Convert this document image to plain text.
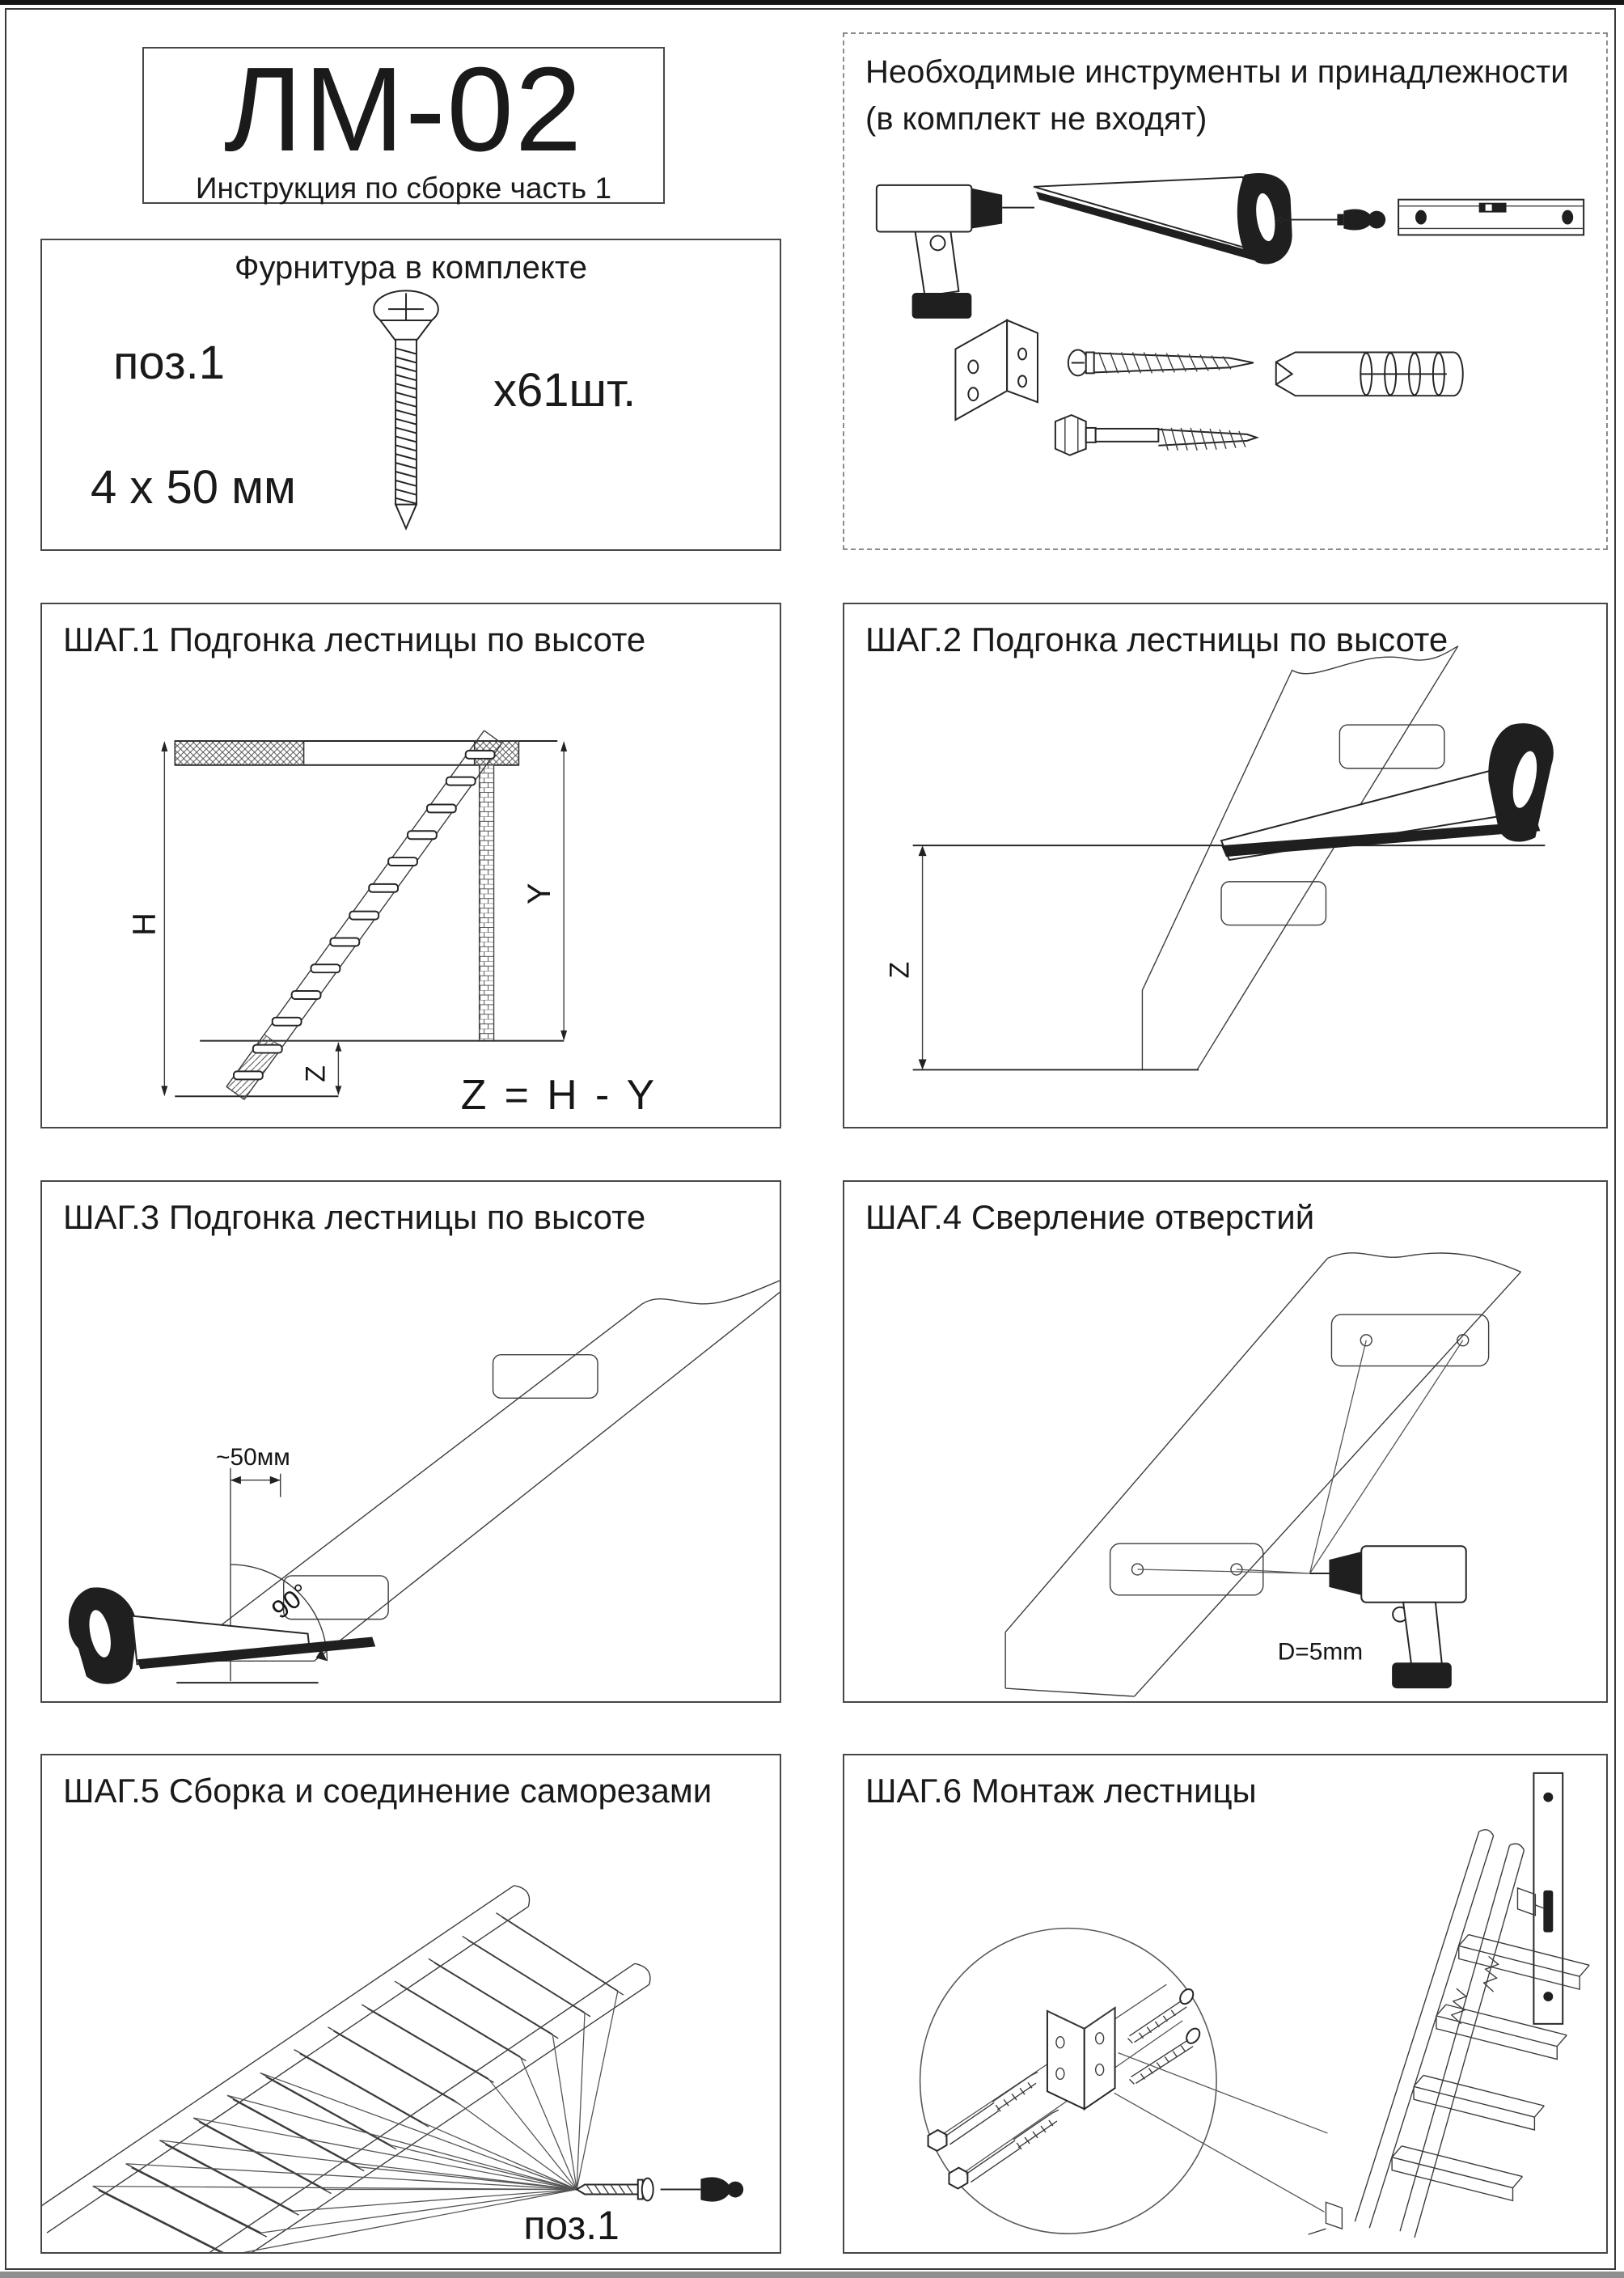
ЛМ-02
Инструкция по сборке часть 1
Фурнитура в комплекте
поз.1
х61шт.
4 х 50 мм
Необходимые инструменты и принадлежности
(в комплект не входят)
H
Y
Z	Z = H - Y
ШАГ.1 Подгонка лестницы по высоте
Z
ШАГ.2 Подгонка лестницы по высоте
~50мм
90°
ШАГ.3 Подгонка лестницы по высоте
D=5mm
ШАГ.4 Сверление отверстий
поз.1
ШАГ.5 Сборка и соединение саморезами	ШАГ.6 Монтаж лестницы
